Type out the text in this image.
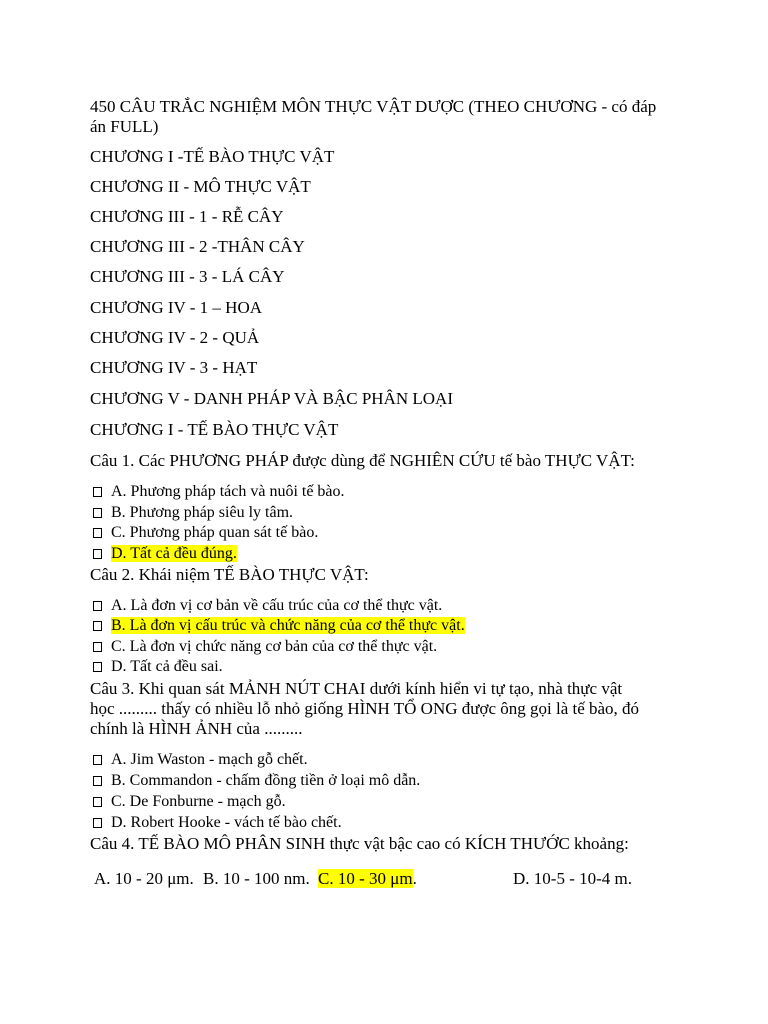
450 CÂU TRẮC NGHIỆM MÔN THỰC VẬT DƯỢC (THEO CHƯƠNG - có đáp
án FULL)
CHƯƠNG I -TẾ BÀO THỰC VẬT
CHƯƠNG II - MÔ THỰC VẬT
CHƯƠNG III - 1 - RỄ CÂY
CHƯƠNG III - 2 -THÂN CÂY
CHƯƠNG III - 3 - LÁ CÂY
CHƯƠNG IV - 1 – HOA
CHƯƠNG IV - 2 - QUẢ
CHƯƠNG IV - 3 - HẠT
CHƯƠNG V - DANH PHÁP VÀ BẬC PHÂN LOẠI
CHƯƠNG I - TẾ BÀO THỰC VẬT
Câu 1. Các PHƯƠNG PHÁP được dùng để NGHIÊN CỨU tế bào THỰC VẬT:
A. Phương pháp tách và nuôi tế bào.
B. Phương pháp siêu ly tâm.
C. Phương pháp quan sát tế bào.
D. Tất cả đều đúng.
Câu 2. Khái niệm TẾ BÀO THỰC VẬT:
A. Là đơn vị cơ bản về cấu trúc của cơ thể thực vật.
B. Là đơn vị cấu trúc và chức năng của cơ thể thực vật.
C. Là đơn vị chức năng cơ bản của cơ thể thực vật.
D. Tất cả đều sai.
Câu 3. Khi quan sát MẢNH NÚT CHAI dưới kính hiển vi tự tạo, nhà thực vật
học ......... thấy có nhiều lỗ nhỏ giống HÌNH TỔ ONG được ông gọi là tế bào, đó
chính là HÌNH ẢNH của .........
A. Jim Waston - mạch gỗ chết.
B. Commandon - chấm đồng tiền ở loại mô dẫn.
C. De Fonburne - mạch gỗ.
D. Robert Hooke - vách tế bào chết.
Câu 4. TẾ BÀO MÔ PHÂN SINH thực vật bậc cao có KÍCH THƯỚC khoảng:
A. 10 - 20 μm. B. 10 - 100 nm. C. 10 - 30 μm.	D. 10-5 - 10-4 m.
